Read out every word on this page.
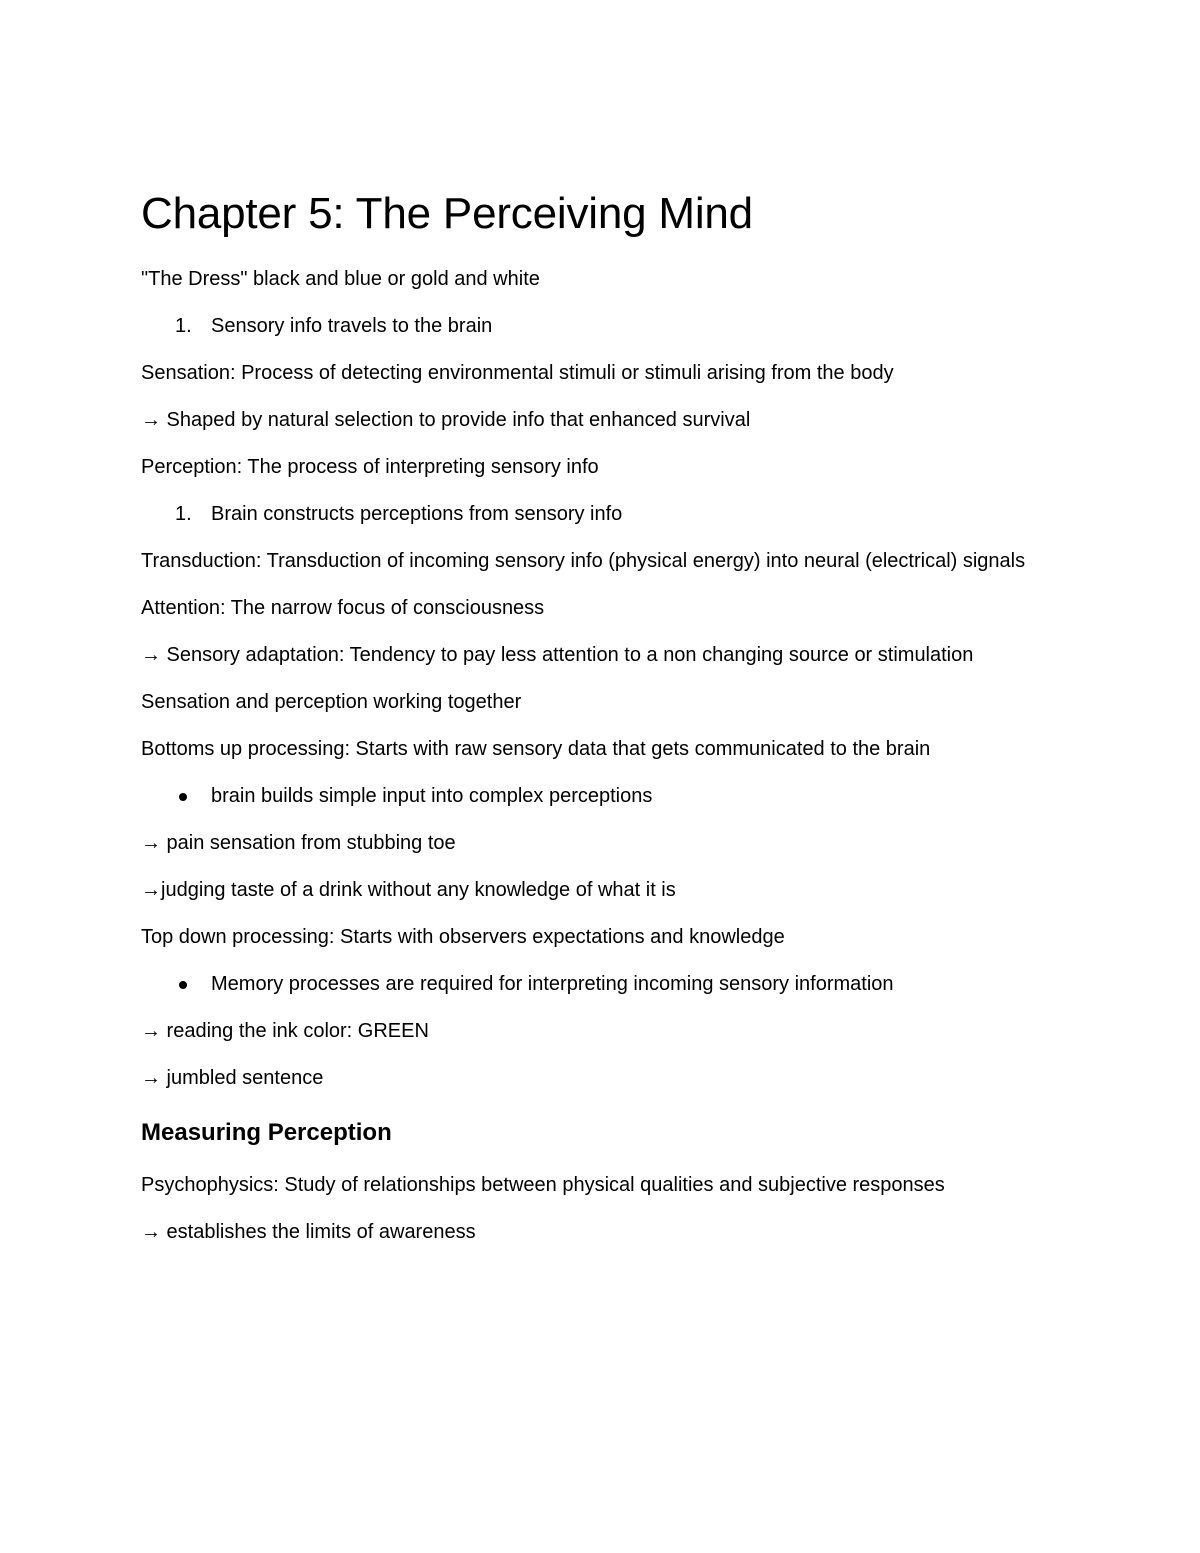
Chapter 5: The Perceiving Mind

"The Dress" black and blue or gold and white

1. Sensory info travels to the brain

Sensation: Process of detecting environmental stimuli or stimuli arising from the body

→ Shaped by natural selection to provide info that enhanced survival

Perception: The process of interpreting sensory info

1. Brain constructs perceptions from sensory info

Transduction: Transduction of incoming sensory info (physical energy) into neural (electrical) signals

Attention: The narrow focus of consciousness

→ Sensory adaptation: Tendency to pay less attention to a non changing source or stimulation

Sensation and perception working together

Bottoms up processing: Starts with raw sensory data that gets communicated to the brain

brain builds simple input into complex perceptions

→ pain sensation from stubbing toe

→judging taste of a drink without any knowledge of what it is

Top down processing: Starts with observers expectations and knowledge

Memory processes are required for interpreting incoming sensory information

→ reading the ink color: GREEN

→ jumbled sentence

Measuring Perception

Psychophysics: Study of relationships between physical qualities and subjective responses

→ establishes the limits of awareness
